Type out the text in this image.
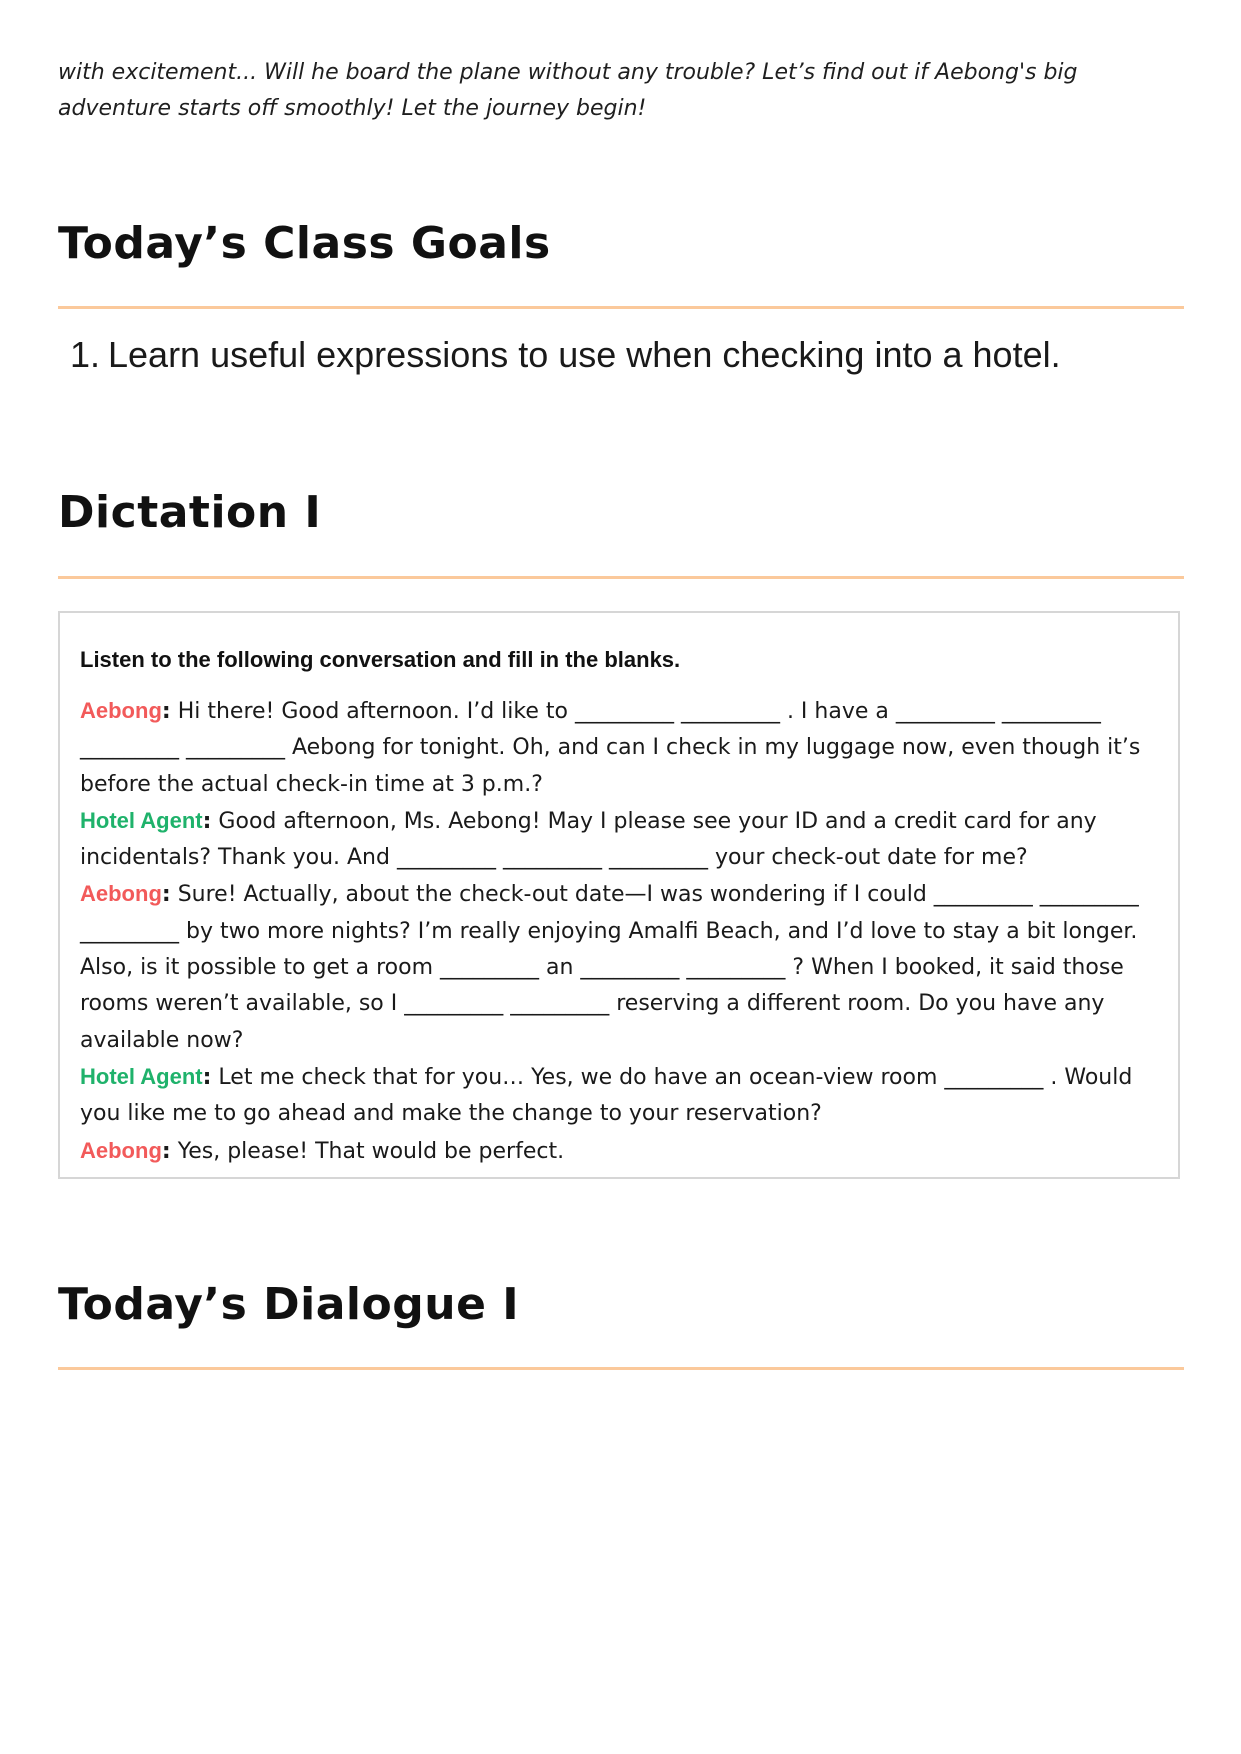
with excitement... Will he board the plane without any trouble? Let’s find out if Aebong's big adventure starts off smoothly! Let the journey begin!
Today’s Class Goals
1. Learn useful expressions to use when checking into a hotel.
Dictation I
Listen to the following conversation and fill in the blanks.

Aebong: Hi there! Good afternoon. I’d like to _________ _________ . I have a _________ _________ _________ _________ Aebong for tonight. Oh, and can I check in my luggage now, even though it’s before the actual check-in time at 3 p.m.?

Hotel Agent: Good afternoon, Ms. Aebong! May I please see your ID and a credit card for any incidentals? Thank you. And _________ _________ _________ your check-out date for me?

Aebong: Sure! Actually, about the check-out date—I was wondering if I could _________ _________ _________ by two more nights? I’m really enjoying Amalfi Beach, and I’d love to stay a bit longer. Also, is it possible to get a room _________ an _________ _________ ? When I booked, it said those rooms weren’t available, so I _________ _________ reserving a different room. Do you have any available now?

Hotel Agent: Let me check that for you… Yes, we do have an ocean-view room _________ . Would you like me to go ahead and make the change to your reservation?

Aebong: Yes, please! That would be perfect.

Today’s Dialogue I
